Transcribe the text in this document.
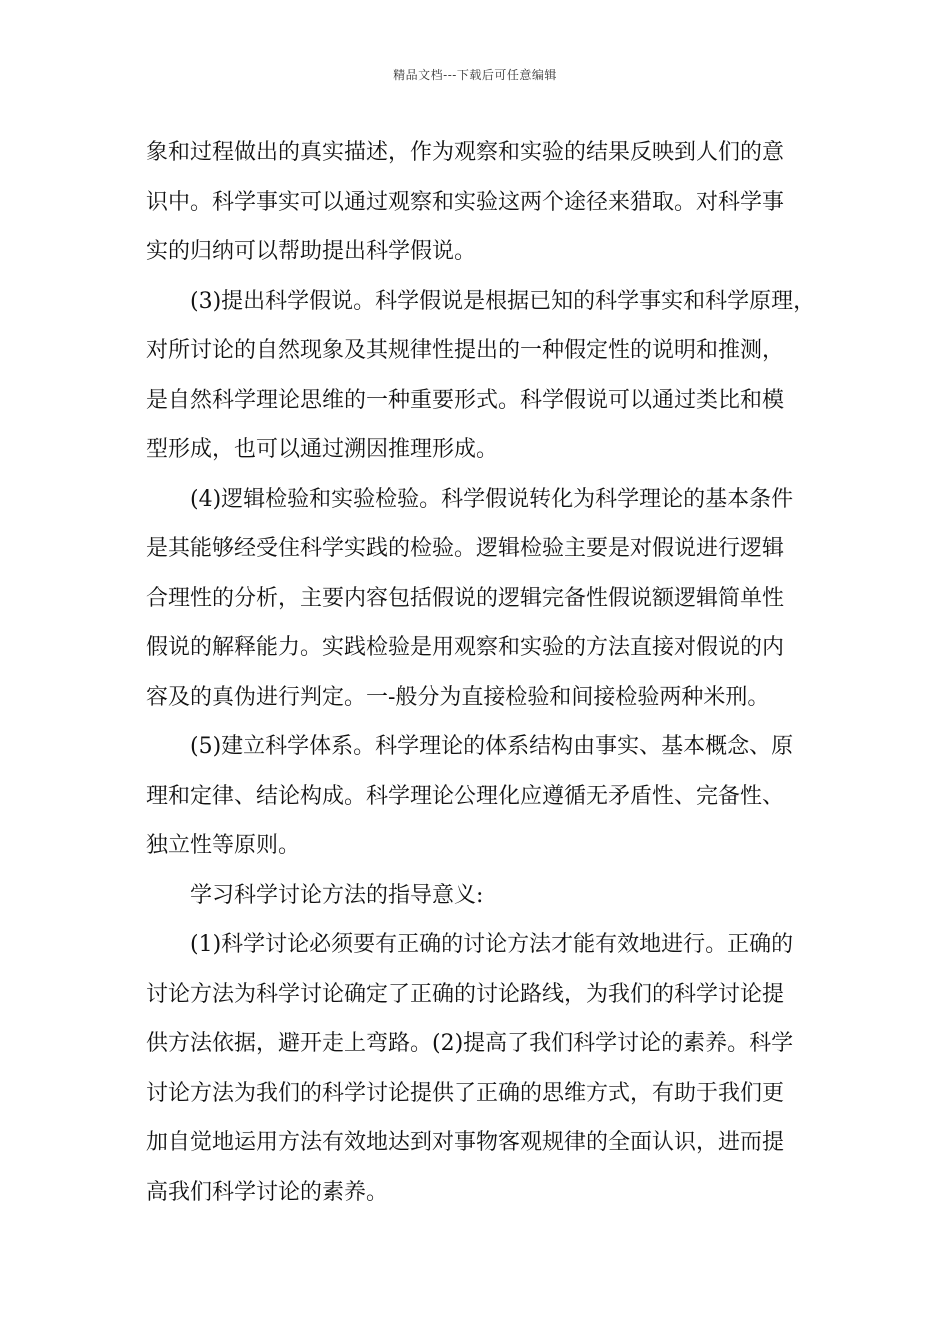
精品文档---下载后可任意编辑
象和过程做出的真实描述，作为观察和实验的结果反映到人们的意
识中。科学事实可以通过观察和实验这两个途径来猎取。对科学事
实的归纳可以帮助提出科学假说。
(3)提出科学假说。科学假说是根据已知的科学事实和科学原理，
对所讨论的自然现象及其规律性提出的一种假定性的说明和推测，
是自然科学理论思维的一种重要形式。科学假说可以通过类比和模
型形成，也可以通过溯因推理形成。
(4)逻辑检验和实验检验。科学假说转化为科学理论的基本条件
是其能够经受住科学实践的检验。逻辑检验主要是对假说进行逻辑
合理性的分析，主要内容包括假说的逻辑完备性假说额逻辑简单性
假说的解释能力。实践检验是用观察和实验的方法直接对假说的内
容及的真伪进行判定。一-般分为直接检验和间接检验两种米刑。
(5)建立科学体系。科学理论的体系结构由事实、基本概念、原
理和定律、结论构成。科学理论公理化应遵循无矛盾性、完备性、
独立性等原则。
学习科学讨论方法的指导意义:
(1)科学讨论必须要有正确的讨论方法才能有效地进行。正确的
讨论方法为科学讨论确定了正确的讨论路线，为我们的科学讨论提
供方法依据，避开走上弯路。(2)提高了我们科学讨论的素养。科学
讨论方法为我们的科学讨论提供了正确的思维方式，有助于我们更
加自觉地运用方法有效地达到对事物客观规律的全面认识，进而提
高我们科学讨论的素养。
